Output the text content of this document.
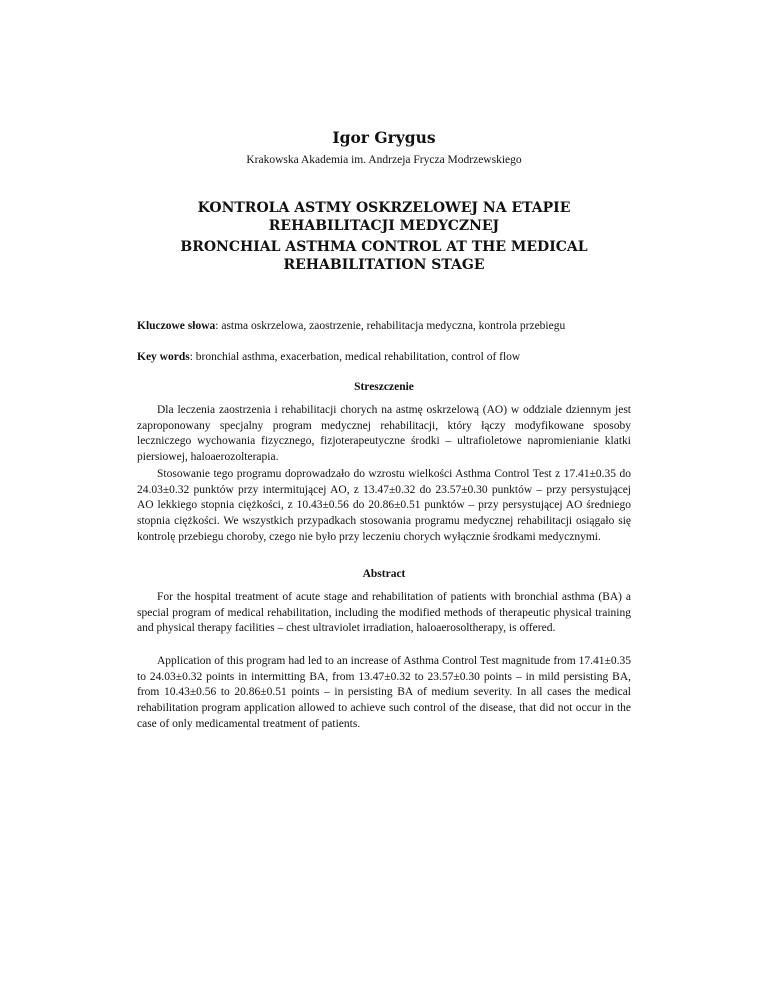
Igor Grygus
Krakowska Akademia im. Andrzeja Frycza Modrzewskiego
KONTROLA ASTMY OSKRZELOWEJ NA ETAPIE
REHABILITACJI MEDYCZNEJ
BRONCHIAL ASTHMA CONTROL AT THE MEDICAL
REHABILITATION STAGE
Kluczowe słowa: astma oskrzelowa, zaostrzenie, rehabilitacja medyczna, kontrola przebiegu
Key words: bronchial asthma, exacerbation, medical rehabilitation, control of flow
Streszczenie

Dla leczenia zaostrzenia i rehabilitacji chorych na astmę oskrzelową (AO) w oddziale dziennym jest zaproponowany specjalny program medycznej rehabilitacji, który łączy modyfikowane sposoby leczniczego wychowania fizycznego, fizjoterapeutyczne środki – ultrafioletowe napromienianie klatki piersiowej, haloaerozolterapia.

Stosowanie tego programu doprowadzało do wzrostu wielkości Asthma Control Test z 17.41±0.35 do 24.03±0.32 punktów przy intermitującej AO, z 13.47±0.32 do 23.57±0.30 punktów – przy persystującej AO lekkiego stopnia ciężkości, z 10.43±0.56 do 20.86±0.51 punktów – przy persystującej AO średniego stopnia ciężkości. We wszystkich przypadkach stosowania programu medycznej rehabilitacji osiągało się kontrolę przebiegu choroby, czego nie było przy leczeniu chorych wyłącznie środkami medycznymi.

Abstract

For the hospital treatment of acute stage and rehabilitation of patients with bronchial asthma (BA) a special program of medical rehabilitation, including the modified methods of therapeutic physical training and physical therapy facilities – chest ultraviolet irradiation, haloaerosoltherapy, is offered.

Application of this program had led to an increase of Asthma Control Test magnitude from 17.41±0.35 to 24.03±0.32 points in intermitting BA, from 13.47±0.32 to 23.57±0.30 points – in mild persisting BA, from 10.43±0.56 to 20.86±0.51 points – in persisting BA of medium severity. In all cases the medical rehabilitation program application allowed to achieve such control of the disease, that did not occur in the case of only medicamental treatment of patients.
